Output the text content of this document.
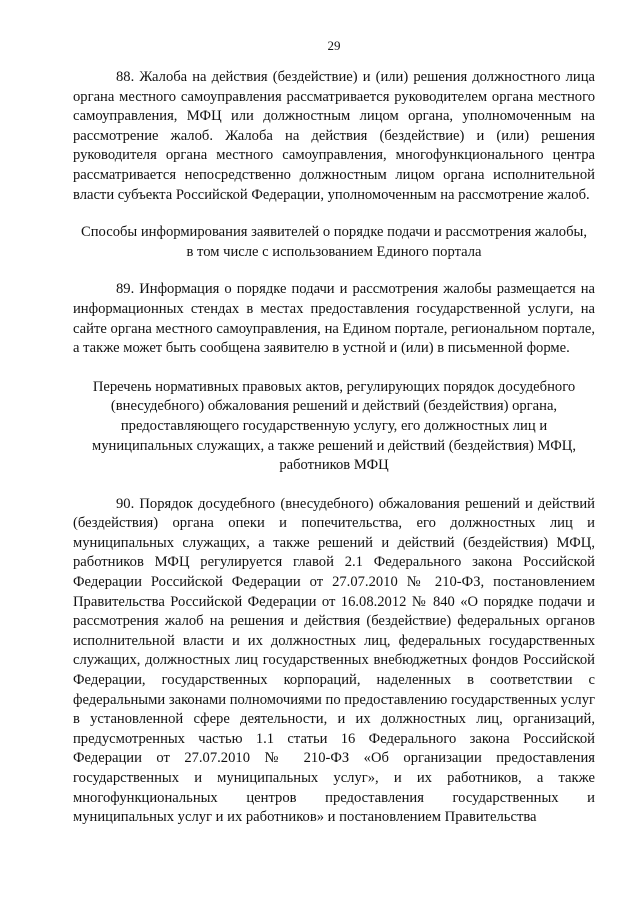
29

88. Жалоба на действия (бездействие) и (или) решения должностного лица органа местного самоуправления рассматривается руководителем органа местного самоуправления, МФЦ или должностным лицом органа, уполномоченным на рассмотрение жалоб. Жалоба на действия (бездействие) и (или) решения руководителя органа местного самоуправления, многофункционального центра рассматривается непосредственно должностным лицом органа исполнительной власти субъекта Российской Федерации, уполномоченным на рассмотрение жалоб.

Способы информирования заявителей о порядке подачи и рассмотрения жалобы, в том числе с использованием Единого портала

89. Информация о порядке подачи и рассмотрения жалобы размещается на информационных стендах в местах предоставления государственной услуги, на сайте органа местного самоуправления, на Едином портале, региональном портале, а также может быть сообщена заявителю в устной и (или) в письменной форме.

Перечень нормативных правовых актов, регулирующих порядок досудебного (внесудебного) обжалования решений и действий (бездействия) органа, предоставляющего государственную услугу, его должностных лиц и муниципальных служащих, а также решений и действий (бездействия) МФЦ, работников МФЦ

90. Порядок досудебного (внесудебного) обжалования решений и действий (бездействия) органа опеки и попечительства, его должностных лиц и муниципальных служащих, а также решений и действий (бездействия) МФЦ, работников МФЦ регулируется главой 2.1 Федерального закона Российской Федерации Российской Федерации от 27.07.2010 № 210-ФЗ, постановлением Правительства Российской Федерации от 16.08.2012 № 840 «О порядке подачи и рассмотрения жалоб на решения и действия (бездействие) федеральных органов исполнительной власти и их должностных лиц, федеральных государственных служащих, должностных лиц государственных внебюджетных фондов Российской Федерации, государственных корпораций, наделенных в соответствии с федеральными законами полномочиями по предоставлению государственных услуг в установленной сфере деятельности, и их должностных лиц, организаций, предусмотренных частью 1.1 статьи 16 Федерального закона Российской Федерации от 27.07.2010 № 210-ФЗ «Об организации предоставления государственных и муниципальных услуг», и их работников, а также многофункциональных центров предоставления государственных и муниципальных услуг и их работников» и постановлением Правительства
